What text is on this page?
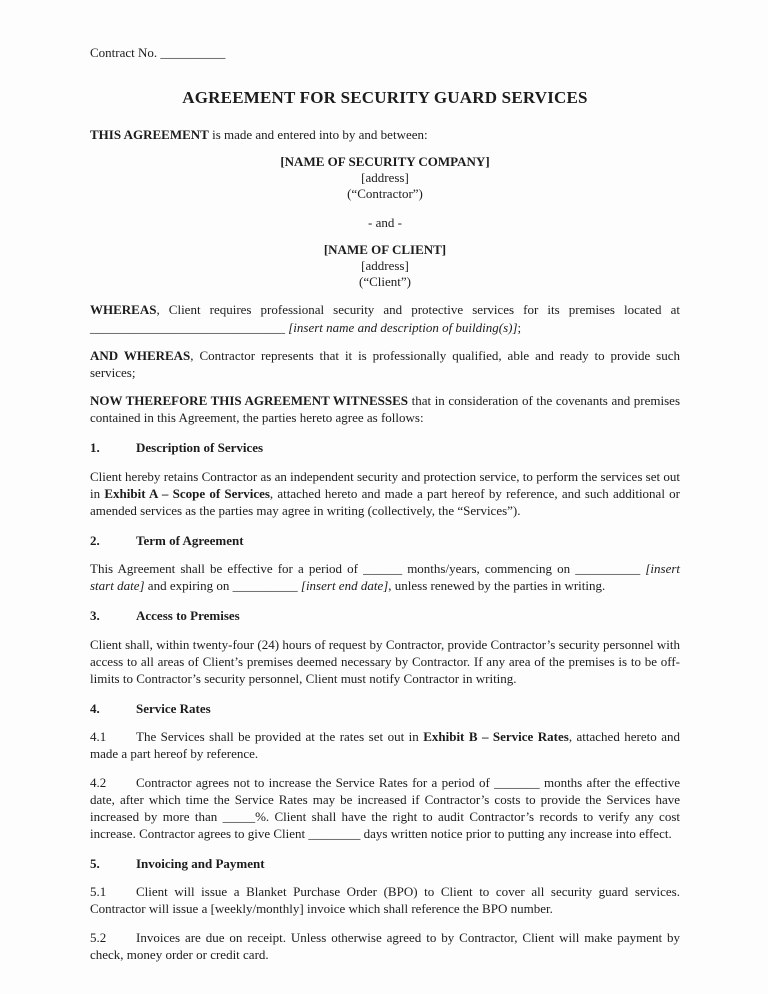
Contract No. __________

AGREEMENT FOR SECURITY GUARD SERVICES

THIS AGREEMENT is made and entered into by and between:

[NAME OF SECURITY COMPANY]
[address]
(“Contractor”)
- and -
[NAME OF CLIENT]
[address]
(“Client”)

WHEREAS, Client requires professional security and protective services for its premises located at ______________________________ [insert name and description of building(s)];

AND WHEREAS, Contractor represents that it is professionally qualified, able and ready to provide such services;

NOW THEREFORE THIS AGREEMENT WITNESSES that in consideration of the covenants and premises contained in this Agreement, the parties hereto agree as follows:

1.	Description of Services

Client hereby retains Contractor as an independent security and protection service, to perform the services set out in Exhibit A – Scope of Services, attached hereto and made a part hereof by reference, and such additional or amended services as the parties may agree in writing (collectively, the “Services”).

2.	Term of Agreement

This Agreement shall be effective for a period of ______ months/years, commencing on __________ [insert start date] and expiring on __________ [insert end date], unless renewed by the parties in writing.

3.	Access to Premises

Client shall, within twenty-four (24) hours of request by Contractor, provide Contractor’s security personnel with access to all areas of Client’s premises deemed necessary by Contractor. If any area of the premises is to be off-limits to Contractor’s security personnel, Client must notify Contractor in writing.

4.	Service Rates

4.1 The Services shall be provided at the rates set out in Exhibit B – Service Rates, attached hereto and made a part hereof by reference.

4.2 Contractor agrees not to increase the Service Rates for a period of _______ months after the effective date, after which time the Service Rates may be increased if Contractor’s costs to provide the Services have increased by more than _____%. Client shall have the right to audit Contractor’s records to verify any cost increase. Contractor agrees to give Client ________ days written notice prior to putting any increase into effect.

5.	Invoicing and Payment

5.1 Client will issue a Blanket Purchase Order (BPO) to Client to cover all security guard services. Contractor will issue a [weekly/monthly] invoice which shall reference the BPO number.

5.2 Invoices are due on receipt. Unless otherwise agreed to by Contractor, Client will make payment by check, money order or credit card.
